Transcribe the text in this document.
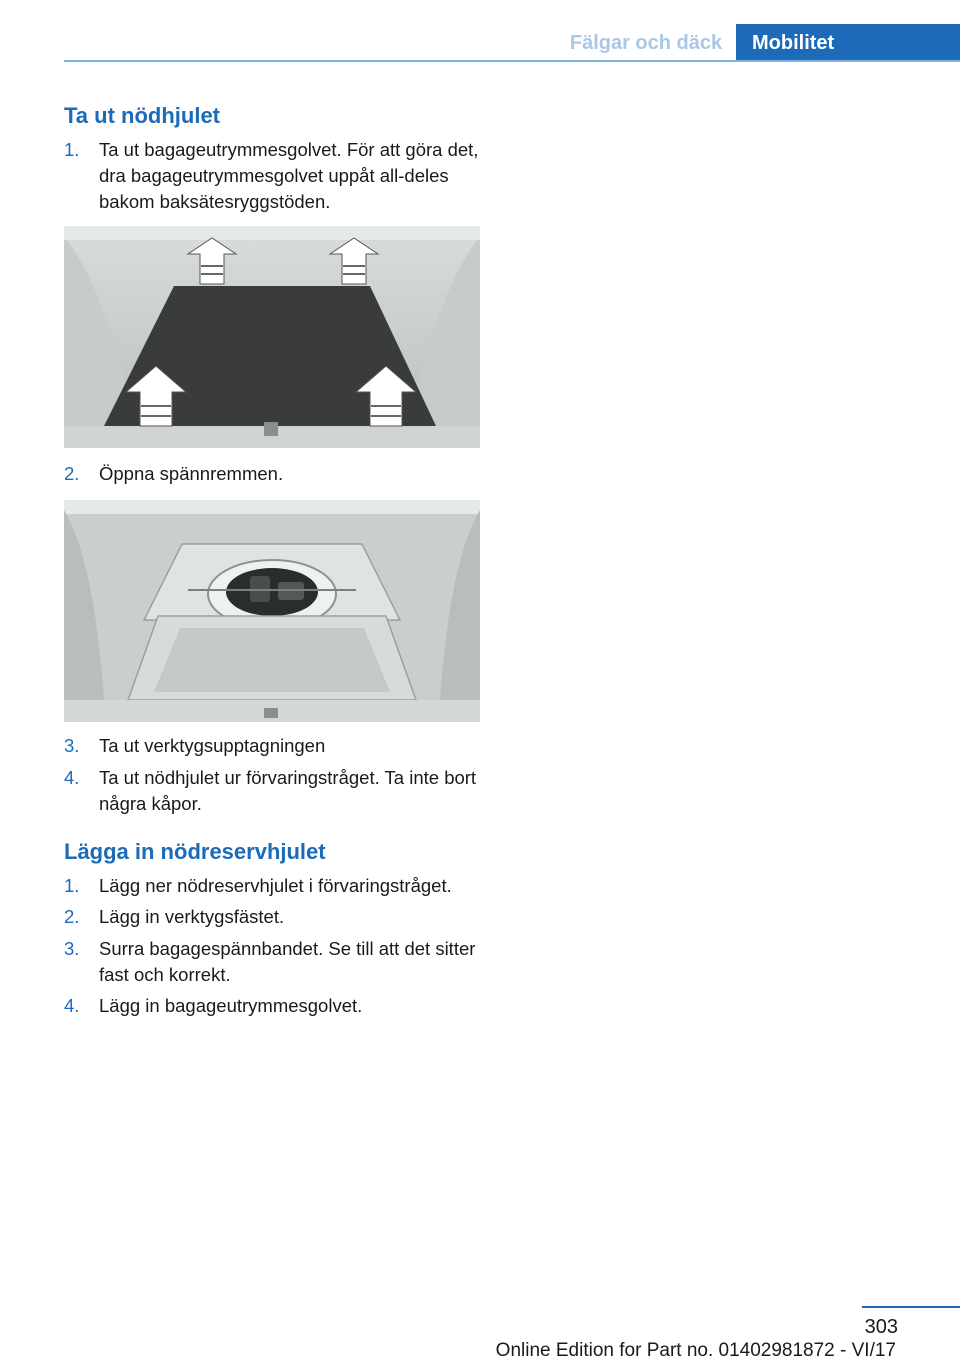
Fälgar och däck	Mobilitet
Ta ut nödhjulet
1. Ta ut bagageutrymmesgolvet. För att göra det, dra bagageutrymmesgolvet uppåt all‐deles bakom baksätesryggstöden.
2. Öppna spännremmen.
3. Ta ut verktygsupptagningen
4. Ta ut nödhjulet ur förvaringstråget. Ta inte bort några kåpor.
Lägga in nödreservhjulet
1. Lägg ner nödreservhjulet i förvaringstråget.
2. Lägg in verktygsfästet.
3. Surra bagagespännbandet. Se till att det sitter fast och korrekt.
4. Lägg in bagageutrymmesgolvet.
303
Online Edition for Part no. 01402981872 - VI/17
